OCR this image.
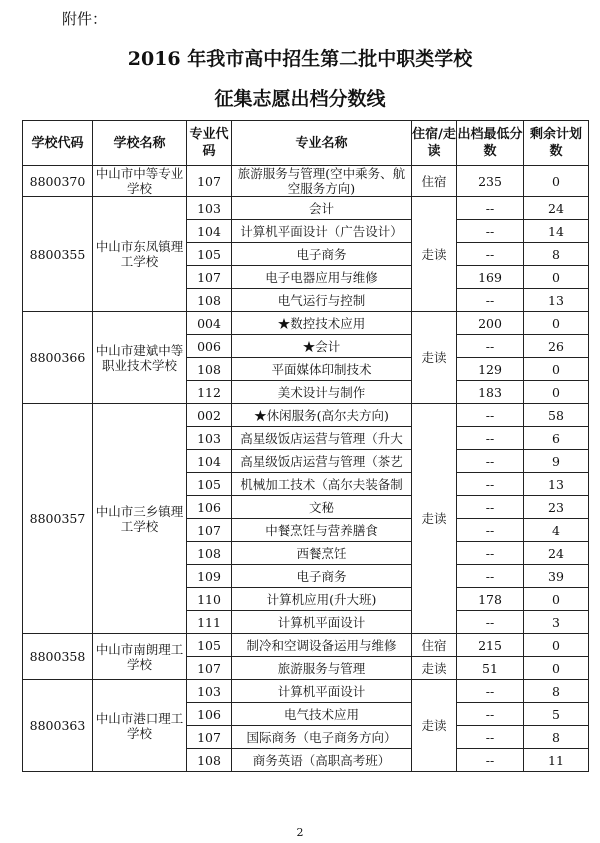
附件：
2016 年我市高中招生第二批中职类学校
征集志愿出档分数线
学校代码	学校名称	专业代码	专业名称	住宿/走读	出档最低分数	剩余计划数
8800370	中山市中等专业学校	107	旅游服务与管理(空中乘务、航空服务方向)	住宿	235	0
8800355	中山市东凤镇理工学校	103	会计	走读	--	24
		104	计算机平面设计（广告设计）		--	14
		105	电子商务		--	8
		107	电子电器应用与维修		169	0
		108	电气运行与控制		--	13
8800366	中山市建斌中等职业技术学校	004	★数控技术应用	走读	200	0
		006	★会计		--	26
		108	平面媒体印制技术		129	0
		112	美术设计与制作		183	0
8800357	中山市三乡镇理工学校	002	★休闲服务(高尔夫方向)	走读	--	58
		103	高星级饭店运营与管理（升大		--	6
		104	高星级饭店运营与管理（茶艺		--	9
		105	机械加工技术（高尔夫装备制		--	13
		106	文秘		--	23
		107	中餐烹饪与营养膳食		--	4
		108	西餐烹饪		--	24
		109	电子商务		--	39
		110	计算机应用(升大班)		178	0
		111	计算机平面设计		--	3
8800358	中山市南朗理工学校	105	制冷和空调设备运用与维修	住宿	215	0
		107	旅游服务与管理	走读	51	0
8800363	中山市港口理工学校	103	计算机平面设计	走读	--	8
		106	电气技术应用		--	5
		107	国际商务（电子商务方向）		--	8
		108	商务英语（高职高考班）		--	11
2
